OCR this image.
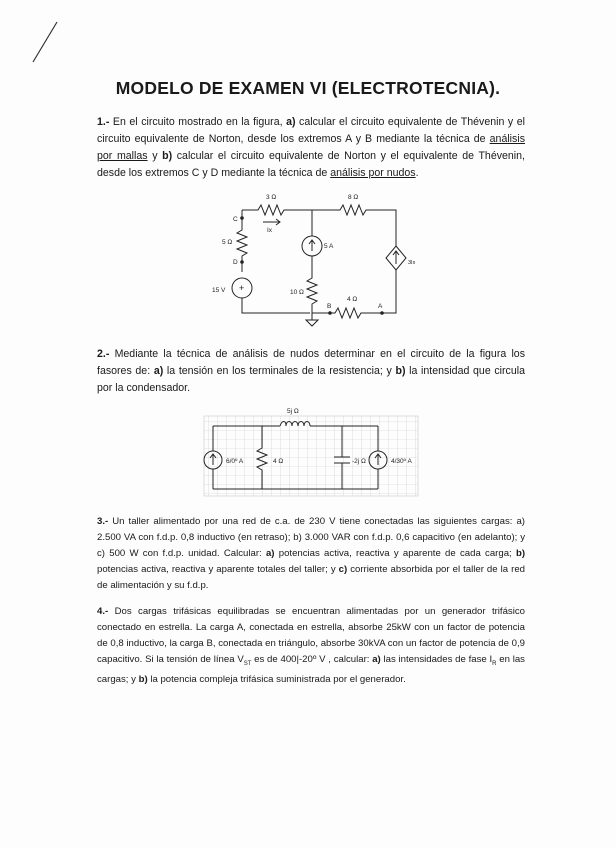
MODELO DE EXAMEN VI (ELECTROTECNIA).

1.- En el circuito mostrado en la figura, a) calcular el circuito equivalente de Thévenin y el circuito equivalente de Norton, desde los extremos A y B mediante la técnica de análisis por mallas y b) calcular el circuito equivalente de Norton y el equivalente de Thévenin, desde los extremos C y D mediante la técnica de análisis por nudos.

3 Ω	8 Ω
Ix
C
5 Ω
D
15 V +
5 A
10 Ω
4 Ω
B	A
3Ix

2.- Mediante la técnica de análisis de nudos determinar en el circuito de la figura los fasores de: a) la tensión en los terminales de la resistencia; y b) la intensidad que circula por la condensador.

5j Ω
6/0º A	4 Ω	-2j Ω	4/30º A

3.- Un taller alimentado por una red de c.a. de 230 V tiene conectadas las siguientes cargas: a) 2.500 VA con f.d.p. 0,8 inductivo (en retraso); b) 3.000 VAR con f.d.p. 0,6 capacitivo (en adelanto); y c) 500 W con f.d.p. unidad. Calcular: a) potencias activa, reactiva y aparente de cada carga; b) potencias activa, reactiva y aparente totales del taller; y c) corriente absorbida por el taller de la red de alimentación y su f.d.p.

4.- Dos cargas trifásicas equilibradas se encuentran alimentadas por un generador trifásico conectado en estrella. La carga A, conectada en estrella, absorbe 25kW con un factor de potencia de 0,8 inductivo, la carga B, conectada en triángulo, absorbe 30kVA con un factor de potencia de 0,9 capacitivo. Si la tensión de línea $V_{ST}$ es de 400|-20º V , calcular: a) las intensidades de fase $I_R$ en las cargas; y b) la potencia compleja trifásica suministrada por el generador.
